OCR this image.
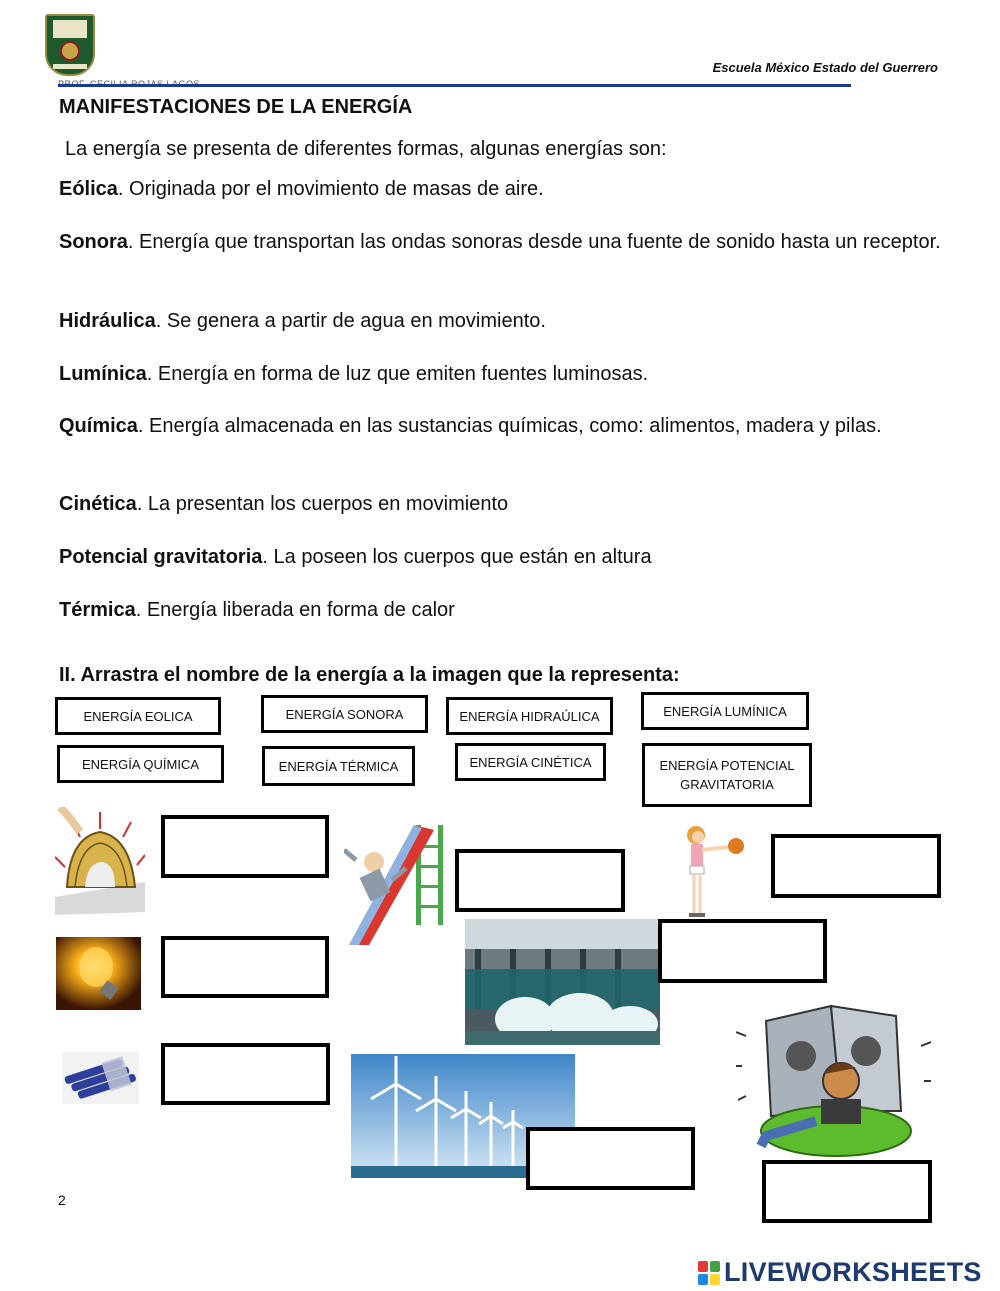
Escuela México Estado del Guerrero
MANIFESTACIONES DE LA ENERGÍA
La energía se presenta de diferentes formas, algunas energías son:
Eólica. Originada por el movimiento de masas de aire.
Sonora. Energía que transportan las ondas sonoras desde una fuente de sonido hasta un receptor.
Hidráulica. Se genera a partir de agua en movimiento.
Lumínica. Energía en forma de luz que emiten fuentes luminosas.
Química. Energía almacenada en las sustancias químicas, como: alimentos, madera y pilas.
Cinética. La presentan los cuerpos en movimiento
Potencial gravitatoria. La poseen los cuerpos que están en altura
Térmica. Energía liberada en forma de calor
II. Arrastra el nombre de la energía a la imagen que la representa:
ENERGÍA EOLICA	ENERGÍA SONORA	ENERGÍA HIDRAÚLICA	ENERGÍA LUMÍNICA
ENERGÍA QUÍMICA	ENERGÍA TÉRMICA	ENERGÍA CINÉTICA	ENERGÍA POTENCIAL GRAVITATORIA
2
LIVEWORKSHEETS
